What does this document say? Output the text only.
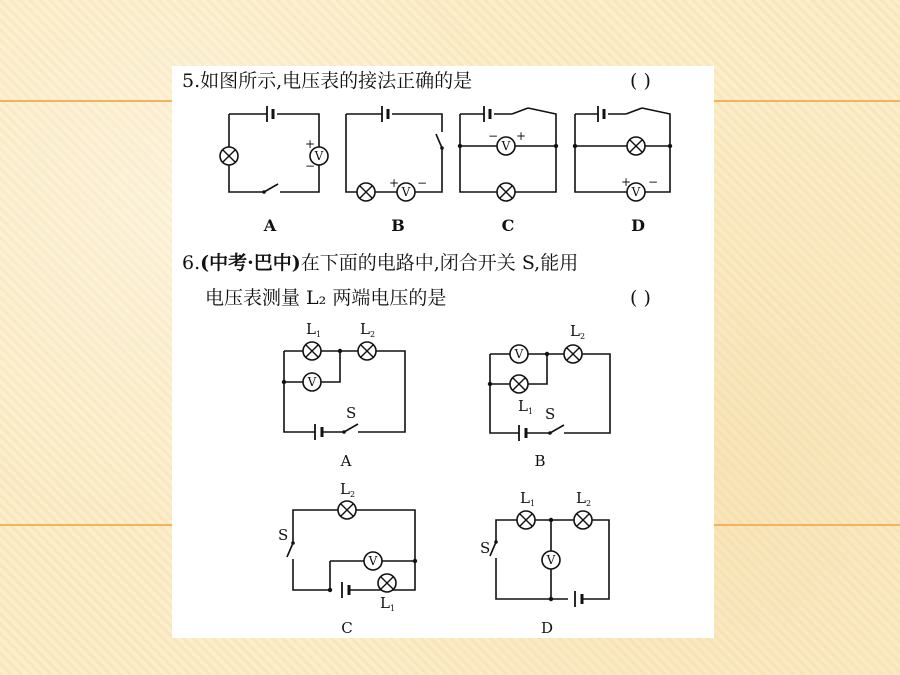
5.如图所示,电压表的接法正确的是	( )
6.(中考·巴中)在下面的电路中,闭合开关 S,能用
电压表测量 L₂ 两端电压的是	( )
V
+
−
A
V
+ −
B
V
− +
C
V
+ −
D
V
L 1	L 2
S
A
V
L 1
L 2
S
B
V
L 2
L 1
S
C
V
L 1	L 2
S
D
